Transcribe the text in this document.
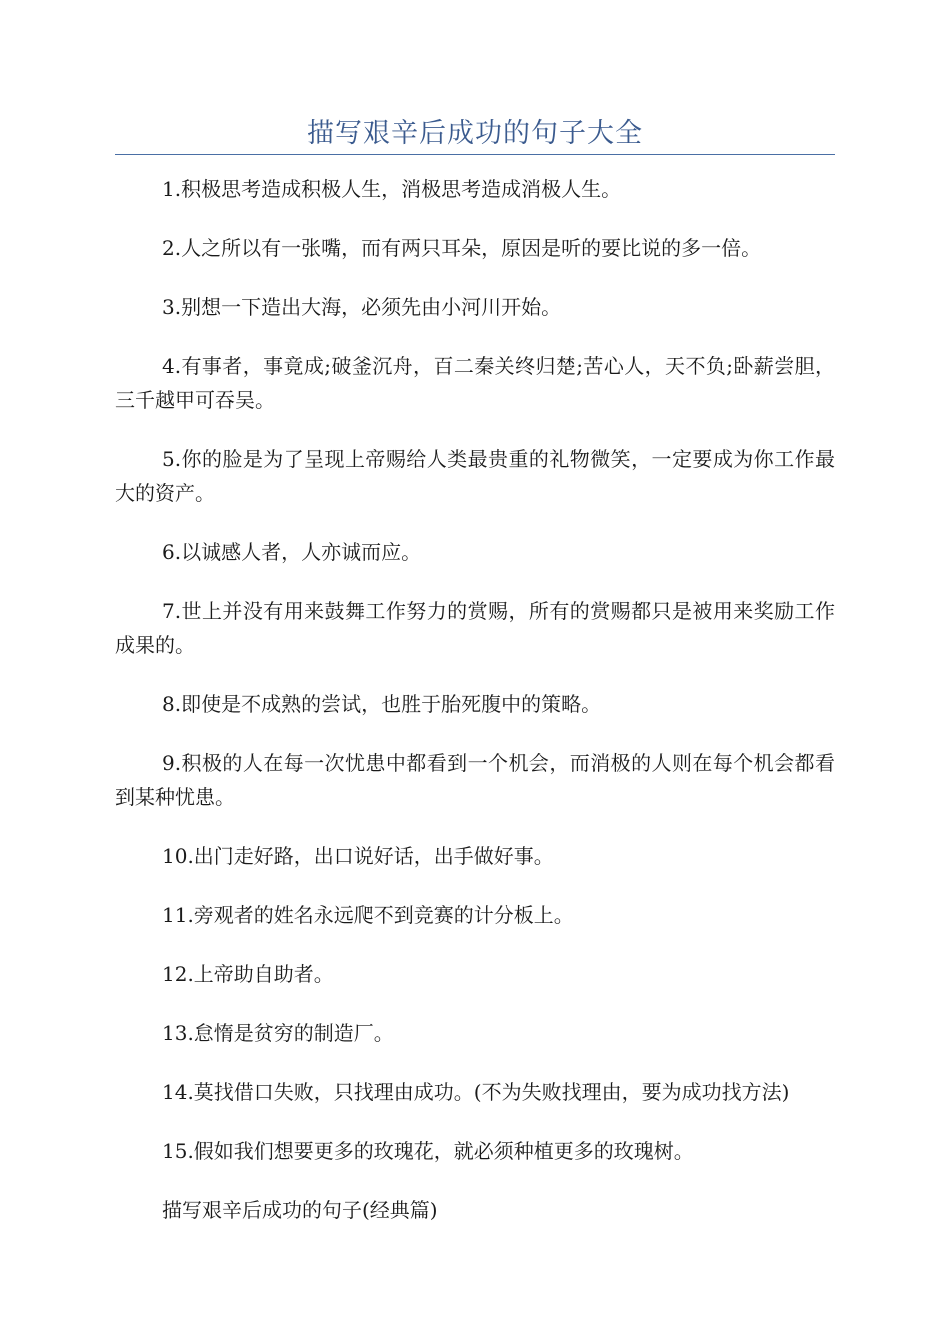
描写艰辛后成功的句子大全

1.积极思考造成积极人生，消极思考造成消极人生。

2.人之所以有一张嘴，而有两只耳朵，原因是听的要比说的多一倍。

3.别想一下造出大海，必须先由小河川开始。

4.有事者，事竟成;破釜沉舟，百二秦关终归楚;苦心人，天不负;卧薪尝胆，三千越甲可吞吴。

5.你的脸是为了呈现上帝赐给人类最贵重的礼物微笑，一定要成为你工作最大的资产。

6.以诚感人者，人亦诚而应。

7.世上并没有用来鼓舞工作努力的赏赐，所有的赏赐都只是被用来奖励工作成果的。

8.即使是不成熟的尝试，也胜于胎死腹中的策略。

9.积极的人在每一次忧患中都看到一个机会，而消极的人则在每个机会都看到某种忧患。

10.出门走好路，出口说好话，出手做好事。

11.旁观者的姓名永远爬不到竞赛的计分板上。

12.上帝助自助者。

13.怠惰是贫穷的制造厂。

14.莫找借口失败，只找理由成功。(不为失败找理由，要为成功找方法)

15.假如我们想要更多的玫瑰花，就必须种植更多的玫瑰树。

描写艰辛后成功的句子(经典篇)
